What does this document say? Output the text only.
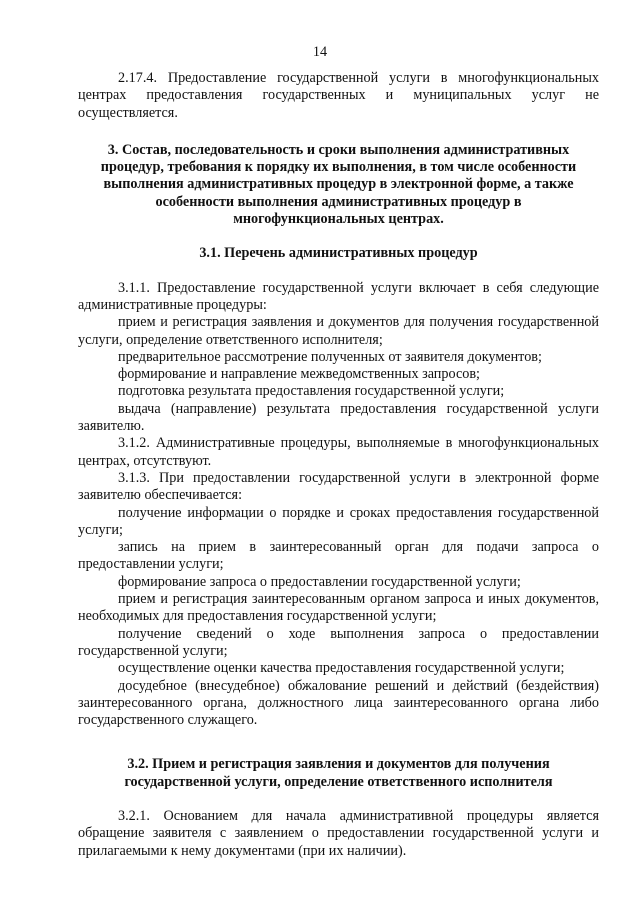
14

2.17.4. Предоставление государственной услуги в многофункциональных центрах предоставления государственных и муниципальных услуг не осуществляется.

3. Состав, последовательность и сроки выполнения административных процедур, требования к порядку их выполнения, в том числе особенности выполнения административных процедур в электронной форме, а также особенности выполнения административных процедур в многофункциональных центрах.

3.1. Перечень административных процедур

3.1.1. Предоставление государственной услуги включает в себя следующие административные процедуры:

прием и регистрация заявления и документов для получения государственной услуги, определение ответственного исполнителя;

предварительное рассмотрение полученных от заявителя документов;

формирование и направление межведомственных запросов;

подготовка результата предоставления государственной услуги;

выдача (направление) результата предоставления государственной услуги заявителю.

3.1.2. Административные процедуры, выполняемые в многофункциональных центрах, отсутствуют.

3.1.3. При предоставлении государственной услуги в электронной форме заявителю обеспечивается:

получение информации о порядке и сроках предоставления государственной услуги;

запись на прием в заинтересованный орган для подачи запроса о предоставлении услуги;

формирование запроса о предоставлении государственной услуги;

прием и регистрация заинтересованным органом запроса и иных документов, необходимых для предоставления государственной услуги;

получение сведений о ходе выполнения запроса о предоставлении государственной услуги;

осуществление оценки качества предоставления государственной услуги;

досудебное (внесудебное) обжалование решений и действий (бездействия) заинтересованного органа, должностного лица заинтересованного органа либо государственного служащего.

3.2. Прием и регистрация заявления и документов для получения государственной услуги, определение ответственного исполнителя

3.2.1. Основанием для начала административной процедуры является обращение заявителя с заявлением о предоставлении государственной услуги и прилагаемыми к нему документами (при их наличии).
